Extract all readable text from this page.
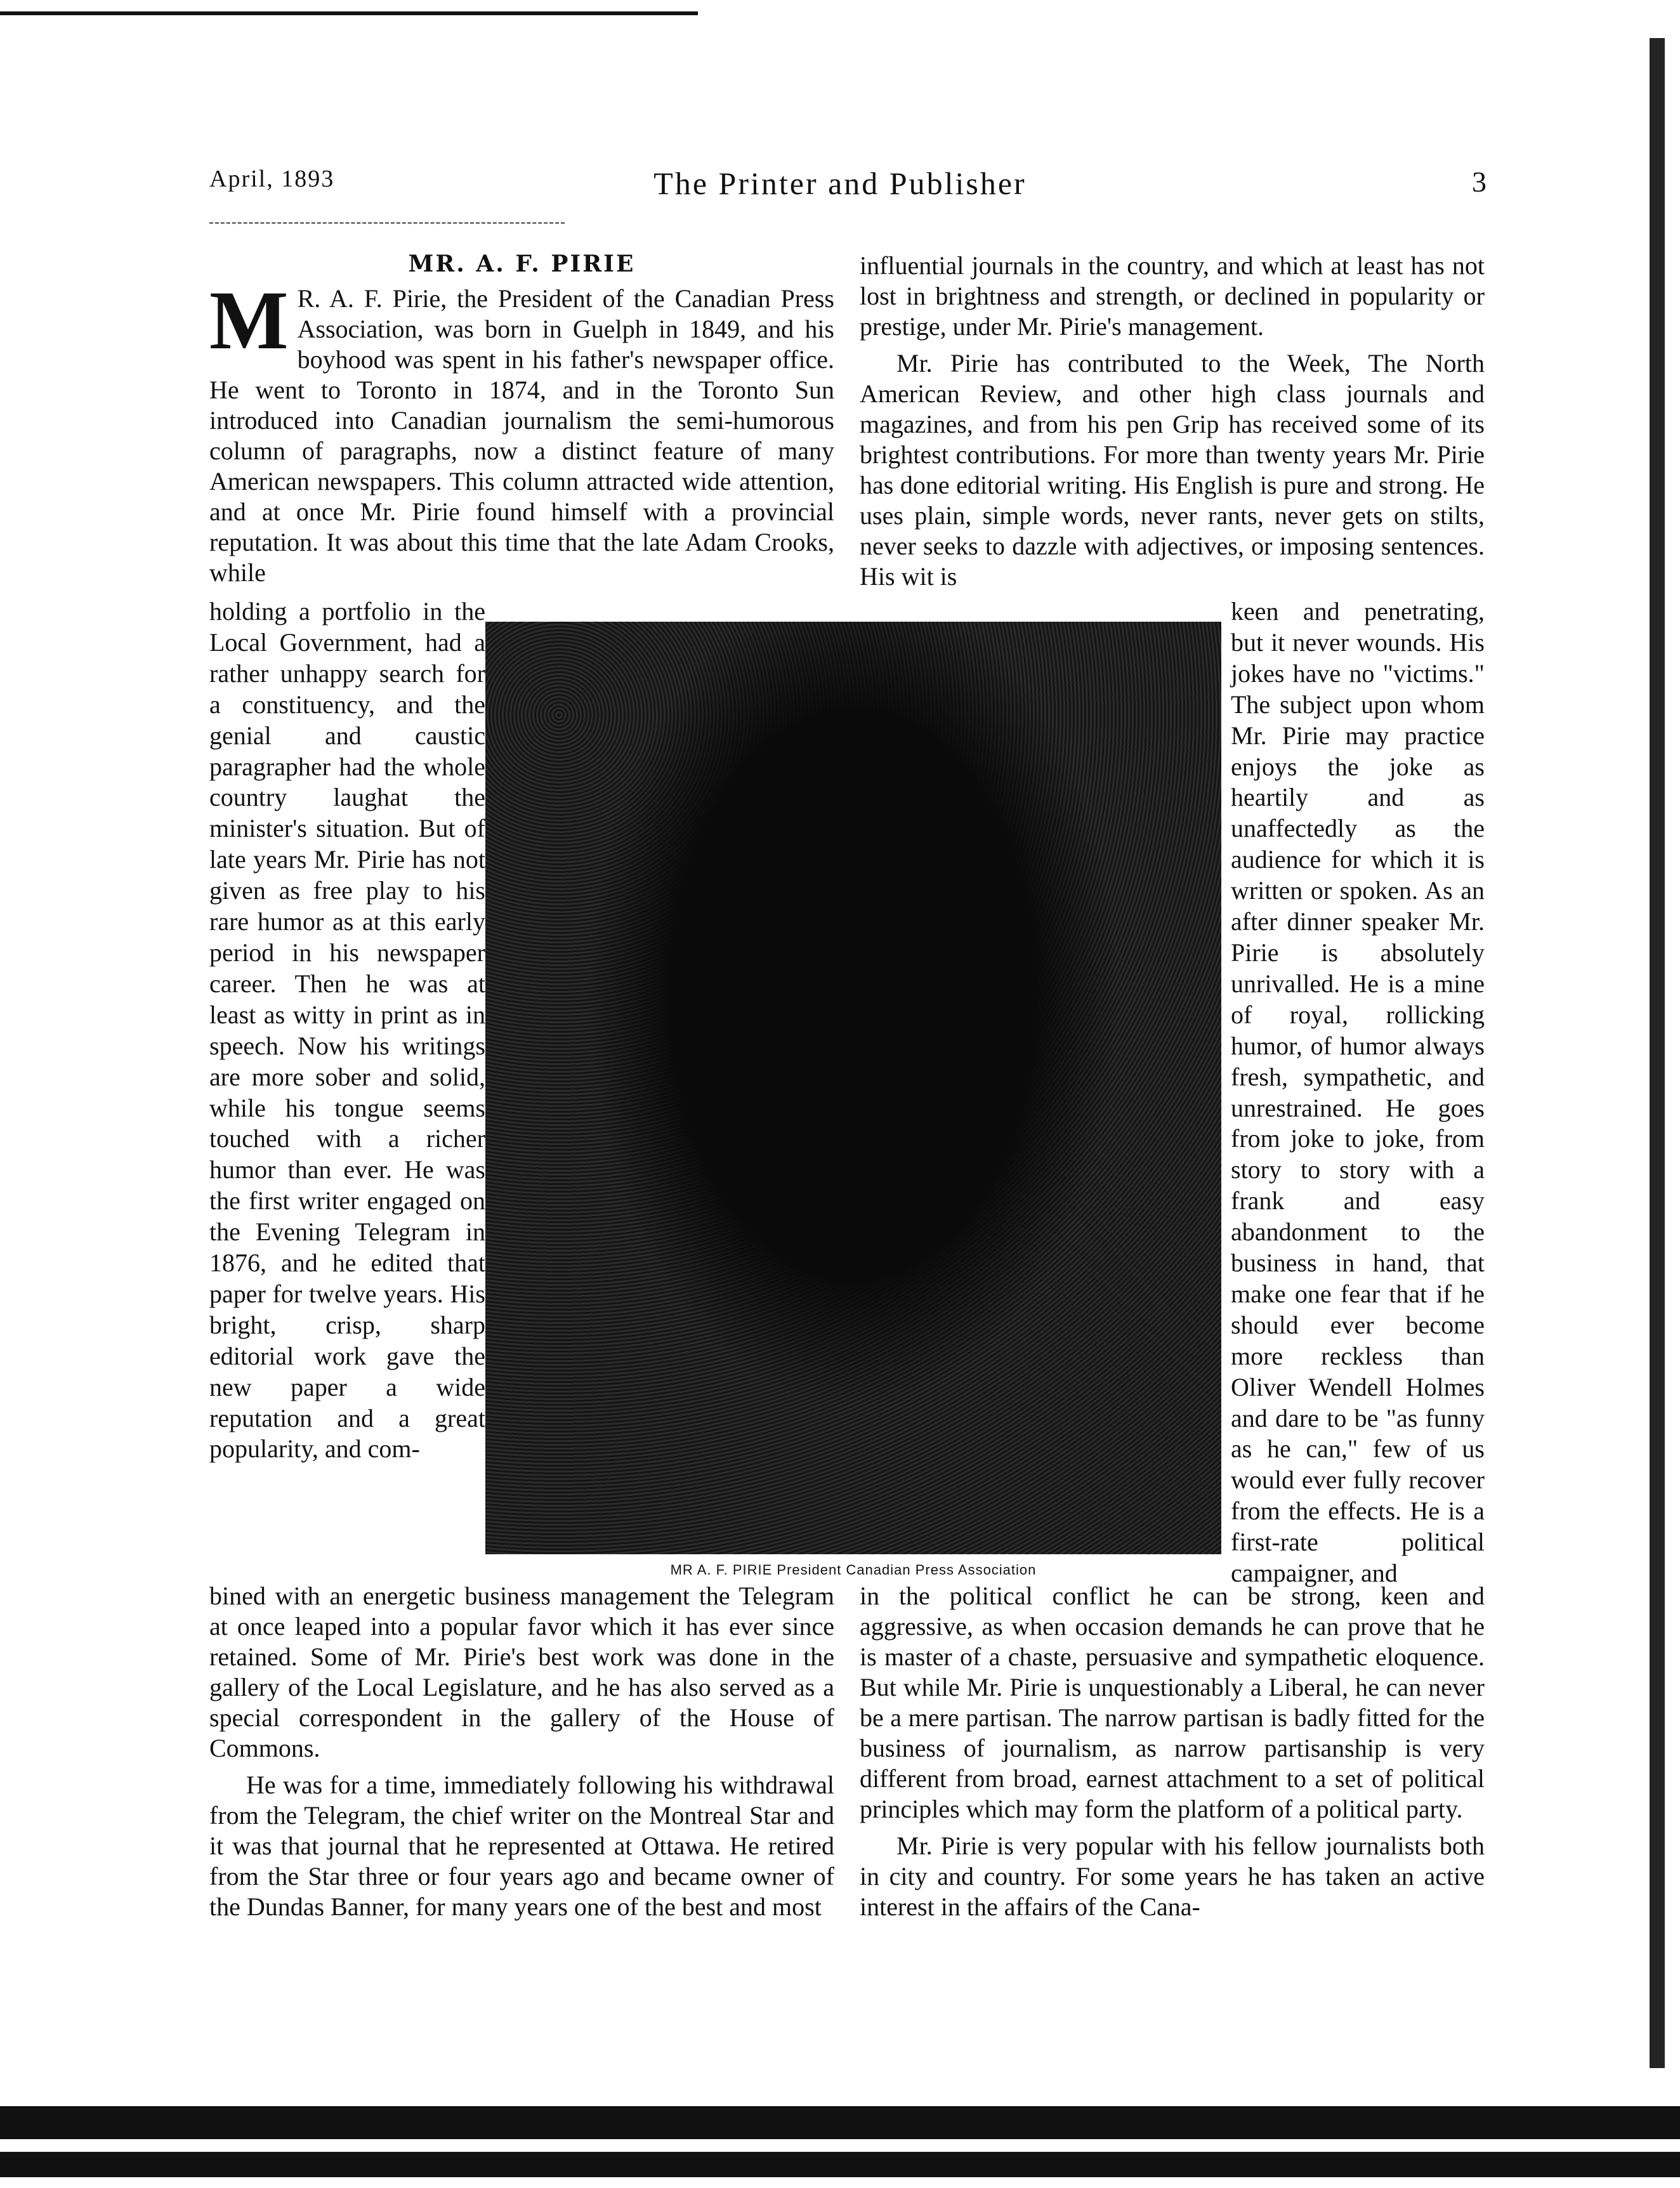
April, 1893	The Printer and Publisher	3
MR. A. F. PIRIE
M R. A. F. Pirie, the President of the Canadian Press Association, was born in Guelph in 1849, and his boyhood was spent in his father's newspaper office. He went to Toronto in 1874, and in the Toronto Sun introduced into Canadian journalism the semi-humorous column of paragraphs, now a distinct feature of many American newspapers. This column attracted wide attention, and at once Mr. Pirie found himself with a provincial reputation. It was about this time that the late Adam Crooks, while

influential journals in the country, and which at least has not lost in brightness and strength, or declined in popularity or prestige, under Mr. Pirie's management.

Mr. Pirie has contributed to the Week, The North American Review, and other high class journals and magazines, and from his pen Grip has received some of its brightest contributions. For more than twenty years Mr. Pirie has done editorial writing. His English is pure and strong. He uses plain, simple words, never rants, never gets on stilts, never seeks to dazzle with adjectives, or imposing sentences. His wit is

holding a portfolio in the Local Government, had a rather unhappy search for a constituency, and the genial and caustic paragrapher had the whole country laughat the minister's situation. But of late years Mr. Pirie has not given as free play to his rare humor as at this early period in his newspaper career. Then he was at least as witty in print as in speech. Now his writings are more sober and solid, while his tongue seems touched with a richer humor than ever. He was the first writer engaged on the Evening Telegram in 1876, and he edited that paper for twelve years. His bright, crisp, sharp editorial work gave the new paper a wide reputation and a great popularity, and com-

MR A. F. PIRIE President Canadian Press Association

keen and penetrating, but it never wounds. His jokes have no "victims." The subject upon whom Mr. Pirie may practice enjoys the joke as heartily and as unaffectedly as the audience for which it is written or spoken. As an after dinner speaker Mr. Pirie is absolutely unrivalled. He is a mine of royal, rollicking humor, of humor always fresh, sympathetic, and unrestrained. He goes from joke to joke, from story to story with a frank and easy abandonment to the business in hand, that make one fear that if he should ever become more reckless than Oliver Wendell Holmes and dare to be "as funny as he can," few of us would ever fully recover from the effects. He is a first-rate political campaigner, and

bined with an energetic business management the Telegram at once leaped into a popular favor which it has ever since retained. Some of Mr. Pirie's best work was done in the gallery of the Local Legislature, and he has also served as a special correspondent in the gallery of the House of Commons.

He was for a time, immediately following his withdrawal from the Telegram, the chief writer on the Montreal Star and it was that journal that he represented at Ottawa. He retired from the Star three or four years ago and became owner of the Dundas Banner, for many years one of the best and most

in the political conflict he can be strong, keen and aggressive, as when occasion demands he can prove that he is master of a chaste, persuasive and sympathetic eloquence. But while Mr. Pirie is unquestionably a Liberal, he can never be a mere partisan. The narrow partisan is badly fitted for the business of journalism, as narrow partisanship is very different from broad, earnest attachment to a set of political principles which may form the platform of a political party.

Mr. Pirie is very popular with his fellow journalists both in city and country. For some years he has taken an active interest in the affairs of the Cana-
